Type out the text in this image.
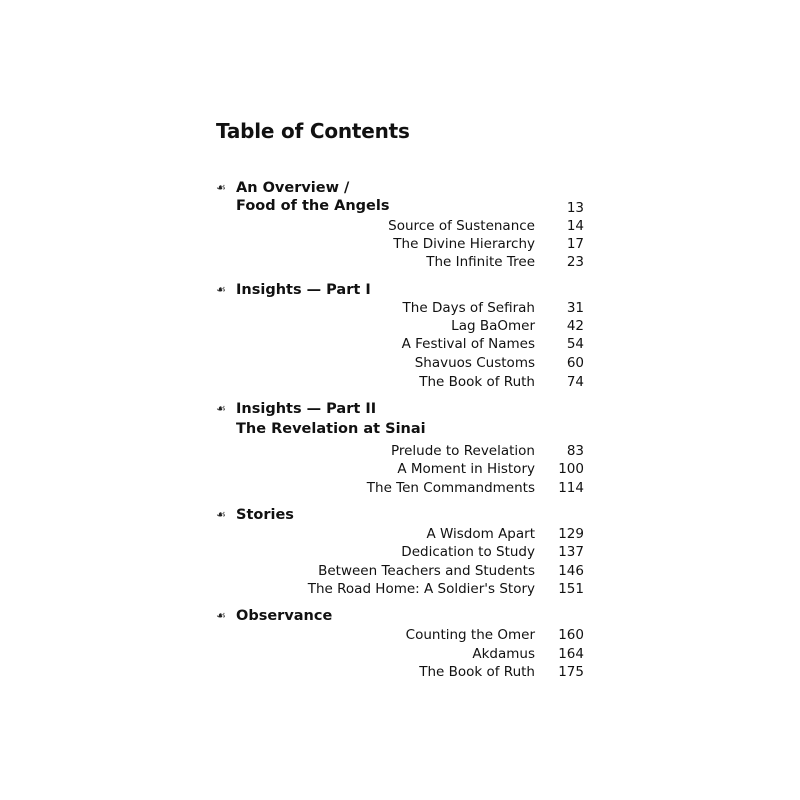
Table of Contents
☙ An Overview /
Food of the Angels	13
Source of Sustenance 14
The Divine Hierarchy 17
The Infinite Tree 23
☙ Insights — Part I
The Days of Sefirah 31
Lag BaOmer 42
A Festival of Names 54
Shavuos Customs 60
The Book of Ruth 74
☙ Insights — Part II
The Revelation at Sinai
Prelude to Revelation 83
A Moment in History 100
The Ten Commandments 114
☙ Stories
A Wisdom Apart 129
Dedication to Study 137
Between Teachers and Students 146
The Road Home: A Soldier's Story 151
☙ Observance
Counting the Omer 160
Akdamus 164
The Book of Ruth 175
